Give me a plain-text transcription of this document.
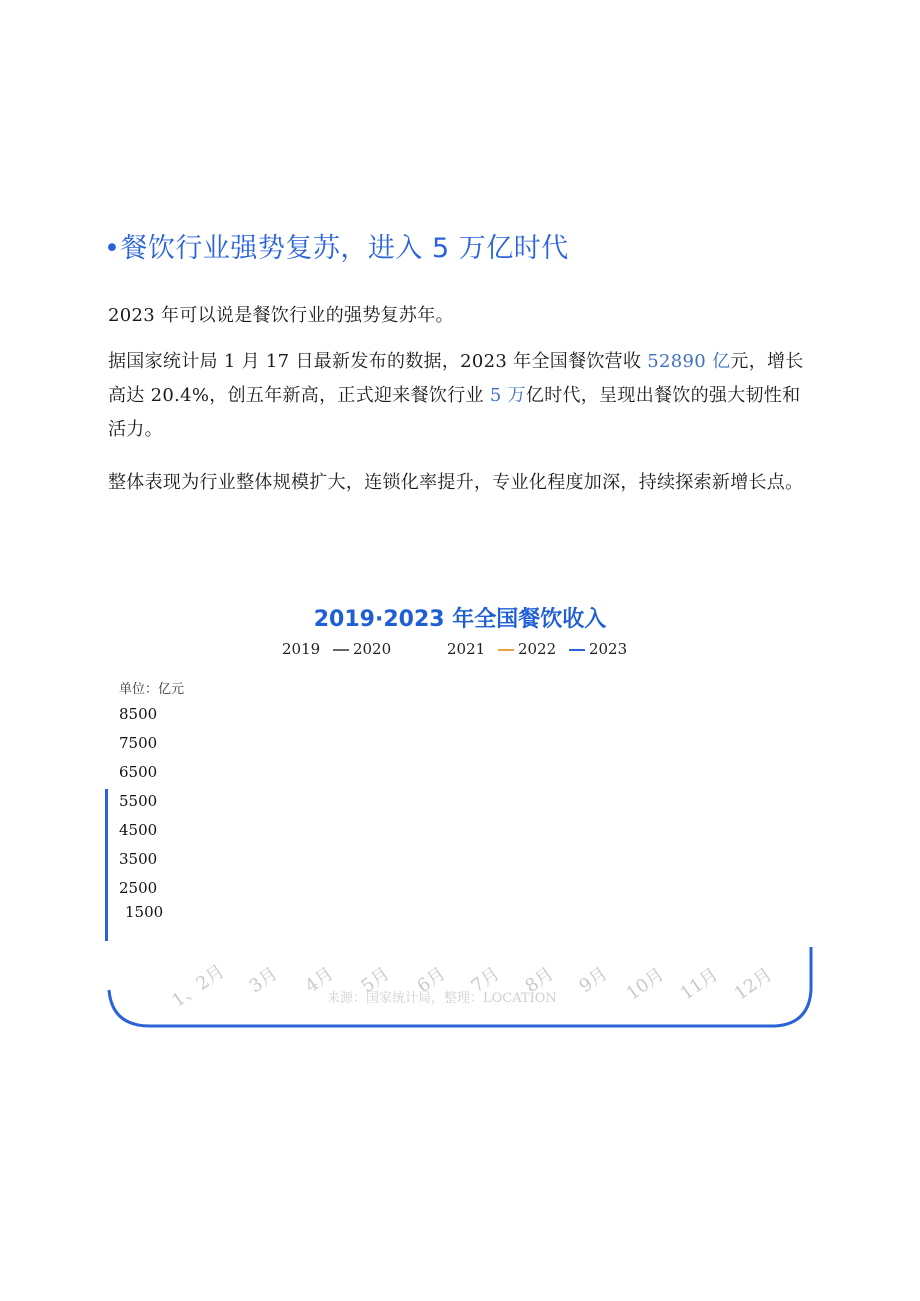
•餐饮行业强势复苏，进入 5 万亿时代
2023 年可以说是餐饮行业的强势复苏年。
据国家统计局 1 月 17 日最新发布的数据，2023 年全国餐饮营收 52890 亿元，增长高达 20.4%，创五年新高，正式迎来餐饮行业 5 万亿时代，呈现出餐饮的强大韧性和活力。
整体表现为行业整体规模扩大，连锁化率提升，专业化程度加深，持续探索新增长点。
2019·2023 年全国餐饮收入
2019 2020	2021 2022 2023
单位：亿元
8500
7500
6500
5500
4500
3500
2500
1500
1、2月 3月 4月 5月 6月 7月 8月 9月 10月 11月 12月
来源：国家统计局，整理：LOCATION
